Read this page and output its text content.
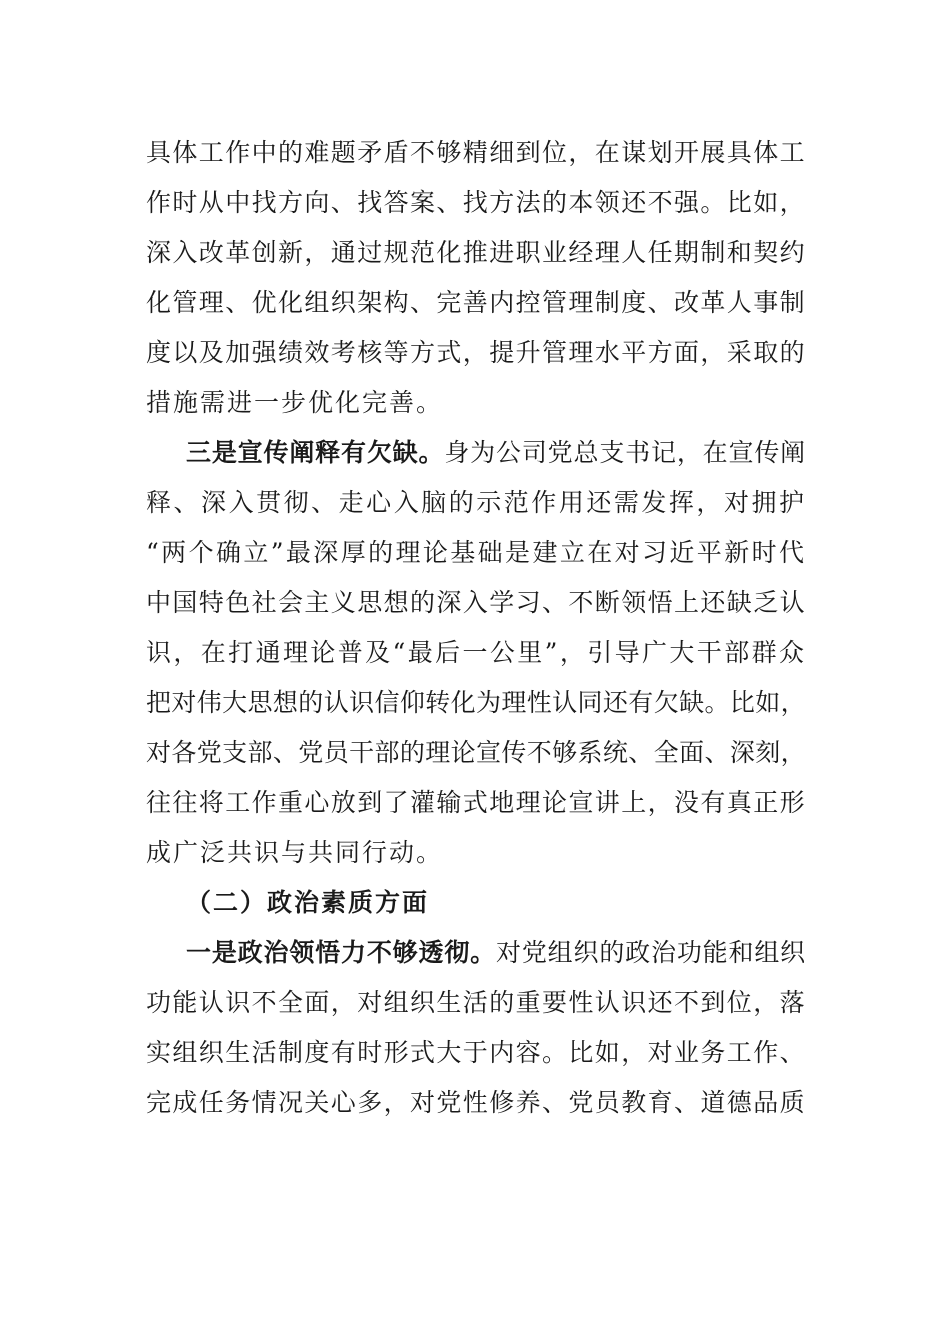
具体工作中的难题矛盾不够精细到位，在谋划开展具体工
作时从中找方向、找答案、找方法的本领还不强。比如，
深入改革创新，通过规范化推进职业经理人任期制和契约
化管理、优化组织架构、完善内控管理制度、改革人事制
度以及加强绩效考核等方式，提升管理水平方面，采取的
措施需进一步优化完善。
三是宣传阐释有欠缺。身为公司党总支书记，在宣传阐
释、深入贯彻、走心入脑的示范作用还需发挥，对拥护
“两个确立”最深厚的理论基础是建立在对习近平新时代
中国特色社会主义思想的深入学习、不断领悟上还缺乏认
识，在打通理论普及“最后一公里”，引导广大干部群众
把对伟大思想的认识信仰转化为理性认同还有欠缺。比如，
对各党支部、党员干部的理论宣传不够系统、全面、深刻，
往往将工作重心放到了灌输式地理论宣讲上，没有真正形
成广泛共识与共同行动。
（二）政治素质方面
一是政治领悟力不够透彻。对党组织的政治功能和组织
功能认识不全面，对组织生活的重要性认识还不到位，落
实组织生活制度有时形式大于内容。比如，对业务工作、
完成任务情况关心多，对党性修养、党员教育、道德品质
